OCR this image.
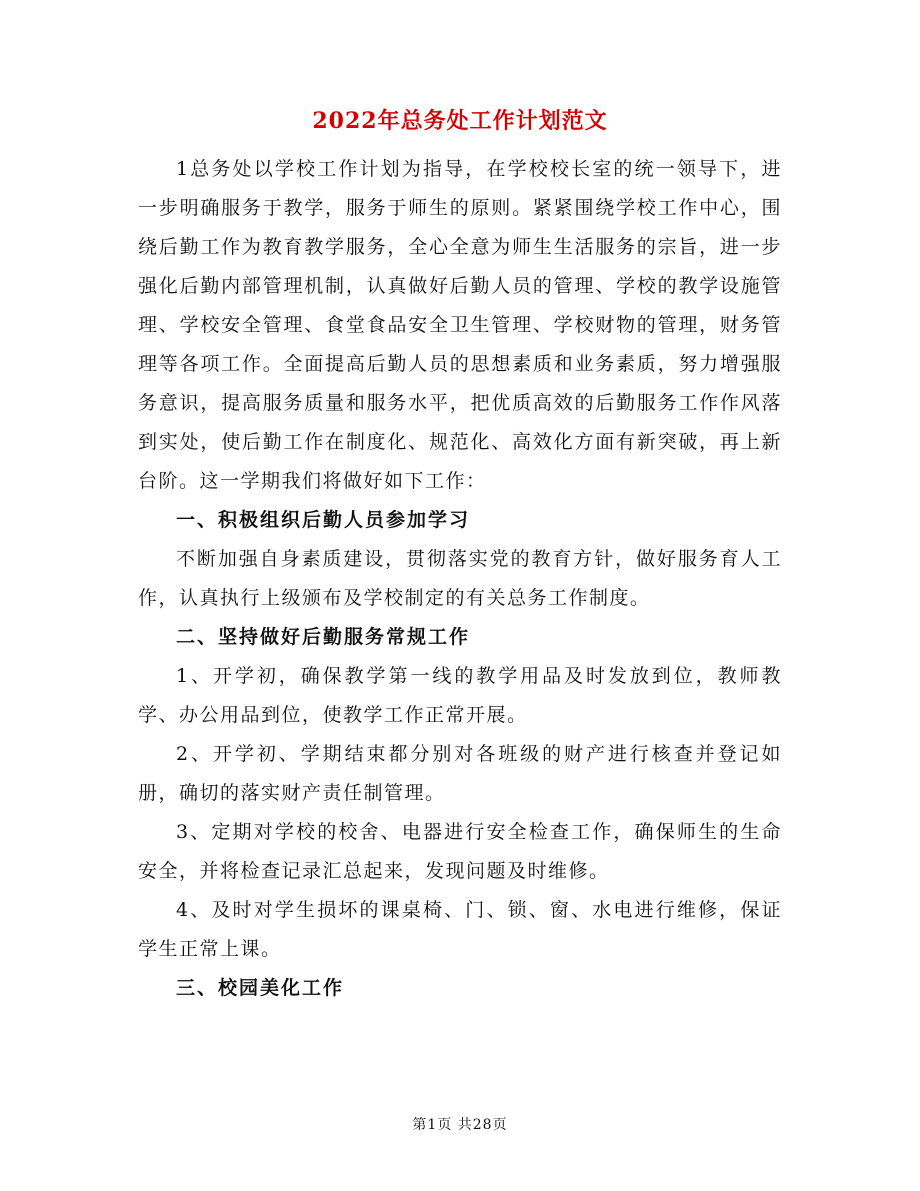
2022年总务处工作计划范文

1总务处以学校工作计划为指导，在学校校长室的统一领导下，进一步明确服务于教学，服务于师生的原则。紧紧围绕学校工作中心，围绕后勤工作为教育教学服务，全心全意为师生生活服务的宗旨，进一步强化后勤内部管理机制，认真做好后勤人员的管理、学校的教学设施管理、学校安全管理、食堂食品安全卫生管理、学校财物的管理，财务管理等各项工作。全面提高后勤人员的思想素质和业务素质，努力增强服务意识，提高服务质量和服务水平，把优质高效的后勤服务工作作风落到实处，使后勤工作在制度化、规范化、高效化方面有新突破，再上新台阶。这一学期我们将做好如下工作：

一、积极组织后勤人员参加学习

不断加强自身素质建设，贯彻落实党的教育方针，做好服务育人工作，认真执行上级颁布及学校制定的有关总务工作制度。

二、坚持做好后勤服务常规工作

1、开学初，确保教学第一线的教学用品及时发放到位，教师教学、办公用品到位，使教学工作正常开展。

2、开学初、学期结束都分别对各班级的财产进行核查并登记如册，确切的落实财产责任制管理。

3、定期对学校的校舍、电器进行安全检查工作，确保师生的生命安全，并将检查记录汇总起来，发现问题及时维修。

4、及时对学生损坏的课桌椅、门、锁、窗、水电进行维修，保证学生正常上课。

三、校园美化工作

第1页 共28页
